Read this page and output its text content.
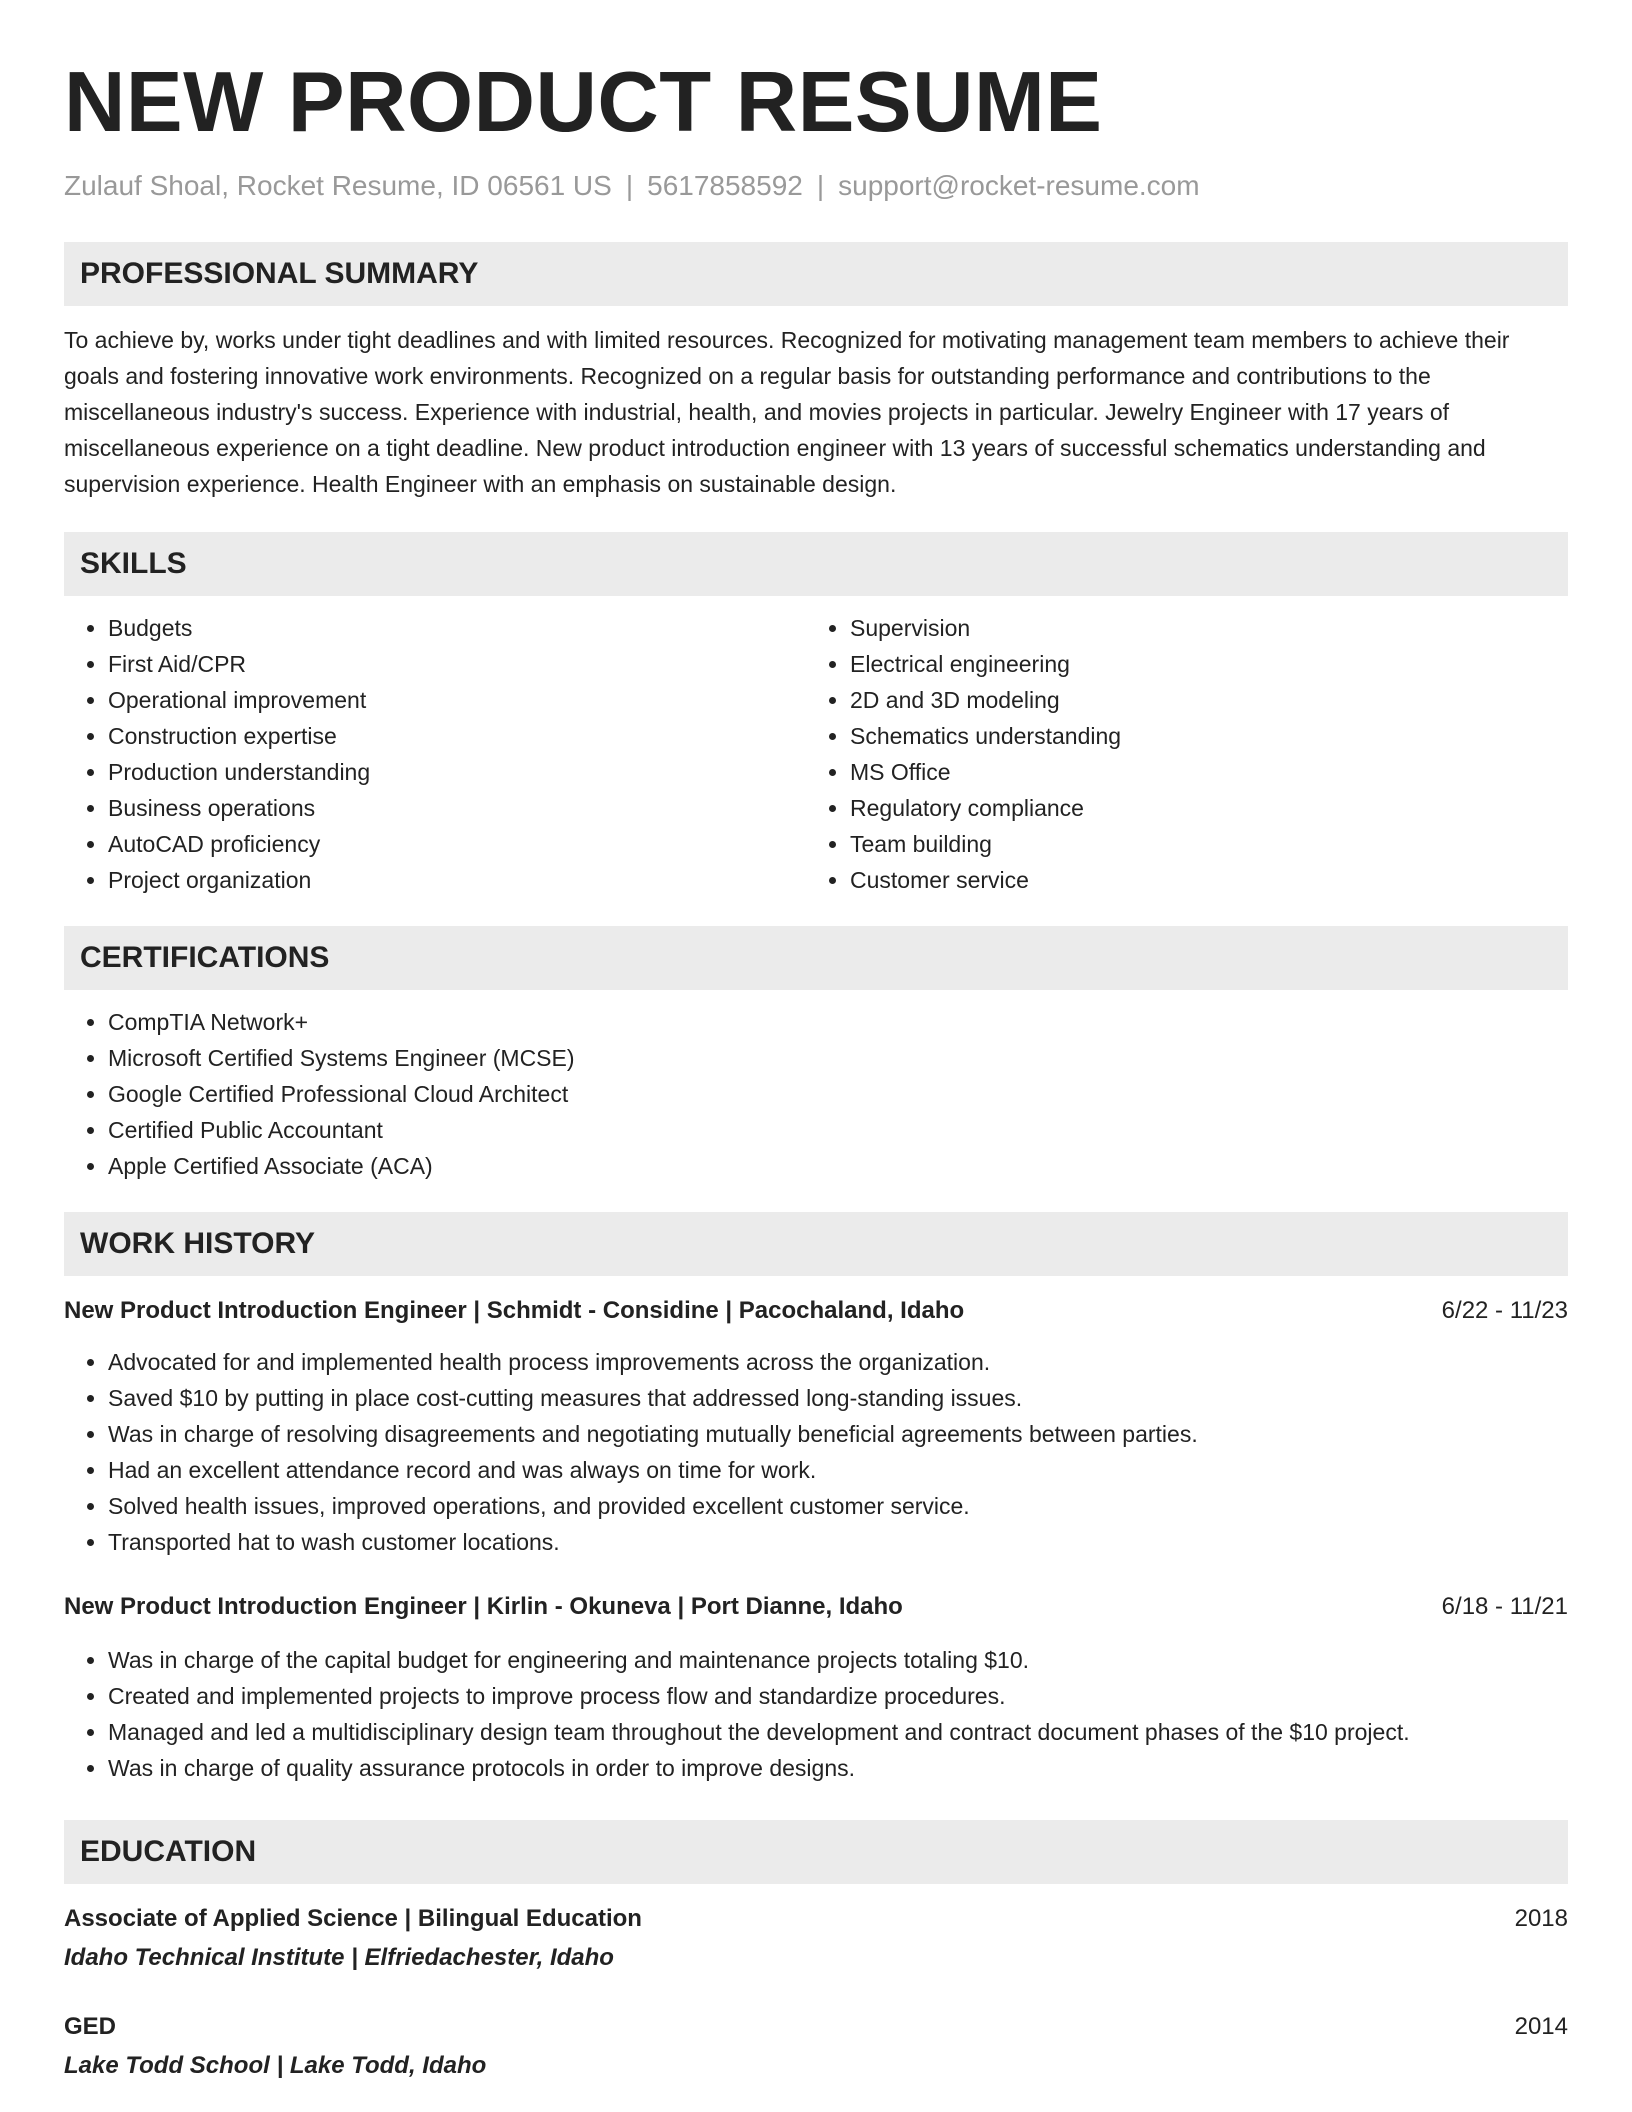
NEW PRODUCT RESUME
Zulauf Shoal, Rocket Resume, ID 06561 US | 5617858592 | support@rocket-resume.com
PROFESSIONAL SUMMARY

To achieve by, works under tight deadlines and with limited resources. Recognized for motivating management team members to achieve their goals and fostering innovative work environments. Recognized on a regular basis for outstanding performance and contributions to the miscellaneous industry's success. Experience with industrial, health, and movies projects in particular. Jewelry Engineer with 17 years of miscellaneous experience on a tight deadline. New product introduction engineer with 13 years of successful schematics understanding and supervision experience. Health Engineer with an emphasis on sustainable design.

SKILLS
• Budgets
• First Aid/CPR
• Operational improvement
• Construction expertise
• Production understanding
• Business operations
• AutoCAD proficiency
• Project organization
• Supervision
• Electrical engineering
• 2D and 3D modeling
• Schematics understanding
• MS Office
• Regulatory compliance
• Team building
• Customer service
CERTIFICATIONS
• CompTIA Network+
• Microsoft Certified Systems Engineer (MCSE)
• Google Certified Professional Cloud Architect
• Certified Public Accountant
• Apple Certified Associate (ACA)
WORK HISTORY
New Product Introduction Engineer | Schmidt - Considine | Pacochaland, Idaho	6/22 - 11/23
• Advocated for and implemented health process improvements across the organization.
• Saved $10 by putting in place cost-cutting measures that addressed long-standing issues.
• Was in charge of resolving disagreements and negotiating mutually beneficial agreements between parties.
• Had an excellent attendance record and was always on time for work.
• Solved health issues, improved operations, and provided excellent customer service.
• Transported hat to wash customer locations.
New Product Introduction Engineer | Kirlin - Okuneva | Port Dianne, Idaho	6/18 - 11/21
• Was in charge of the capital budget for engineering and maintenance projects totaling $10.
• Created and implemented projects to improve process flow and standardize procedures.
• Managed and led a multidisciplinary design team throughout the development and contract document phases of the $10 project.
• Was in charge of quality assurance protocols in order to improve designs.
EDUCATION
Associate of Applied Science | Bilingual Education	2018
Idaho Technical Institute | Elfriedachester, Idaho
GED	2014
Lake Todd School | Lake Todd, Idaho
